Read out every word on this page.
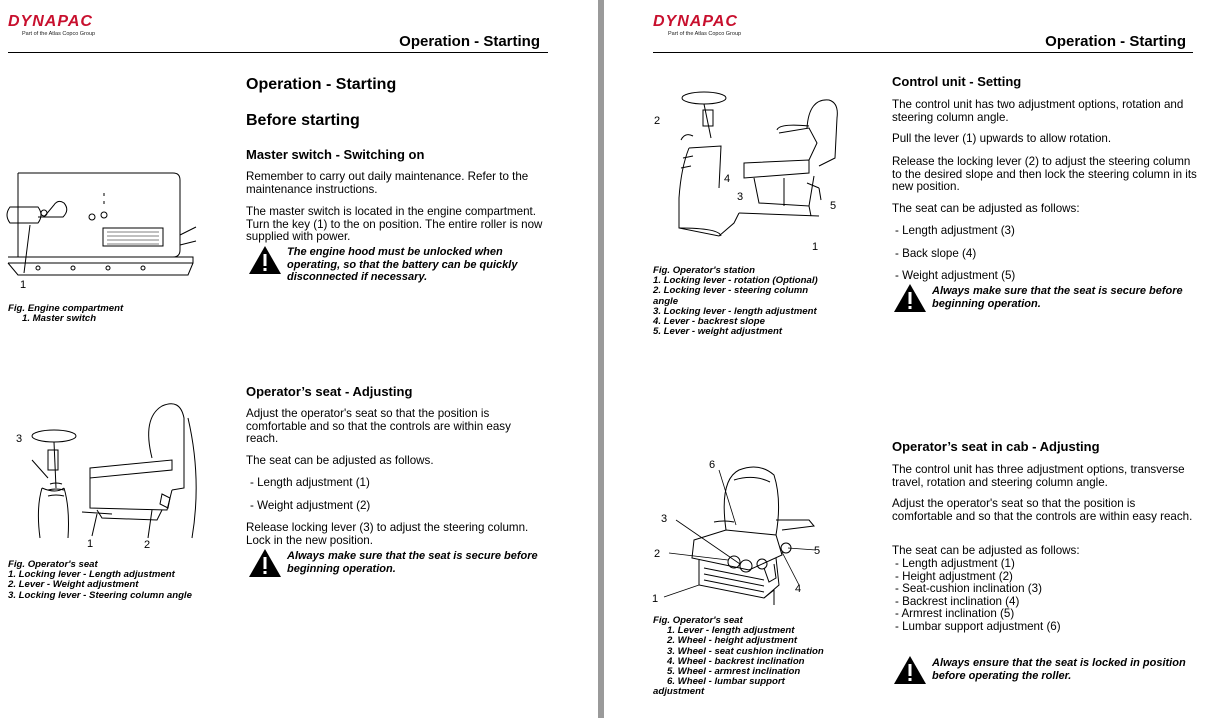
DYNAPAC
Part of the Atlas Copco Group	Operation - Starting
Operation - Starting
Before starting
Master switch - Switching on
Remember to carry out daily maintenance. Refer to the maintenance instructions.
The master switch is located in the engine compartment. Turn the key (1) to the on position. The entire roller is now supplied with power.
The engine hood must be unlocked when operating, so that the battery can be quickly disconnected if necessary.
1
Fig. Engine compartment
1. Master switch
Operator’s seat - Adjusting
Adjust the operator's seat so that the position is comfortable and so that the controls are within easy reach.
The seat can be adjusted as follows.
- Length adjustment (1)
- Weight adjustment (2)
Release locking lever (3) to adjust the steering column. Lock in the new position.
Always make sure that the seat is secure before beginning operation.
3
1	2
Fig. Operator's seat
1. Locking lever - Length adjustment
2. Lever - Weight adjustment
3. Locking lever - Steering column angle
DYNAPAC
Part of the Atlas Copco Group	Operation - Starting
Control unit - Setting
The control unit has two adjustment options, rotation and steering column angle.
Pull the lever (1) upwards to allow rotation.
Release the locking lever (2) to adjust the steering column to the desired slope and then lock the steering column in its new position.
The seat can be adjusted as follows:
- Length adjustment (3)
- Back slope (4)
- Weight adjustment (5)
Always make sure that the seat is secure before beginning operation.
2
4
3
5
1
Fig. Operator's station
1. Locking lever - rotation (Optional)
2. Locking lever - steering column angle
3. Locking lever - length adjustment
4. Lever - backrest slope
5. Lever - weight adjustment
Operator’s seat in cab - Adjusting
The control unit has three adjustment options, transverse travel, rotation and steering column angle.
Adjust the operator's seat so that the position is comfortable and so that the controls are within easy reach.
The seat can be adjusted as follows:
- Length adjustment (1)
- Height adjustment (2)
- Seat-cushion inclination (3)
- Backrest inclination (4)
- Armrest inclination (5)
- Lumbar support adjustment (6)
Always ensure that the seat is locked in position before operating the roller.
6
3
2	5
4
1
Fig. Operator's seat
1. Lever - length adjustment
2. Wheel - height adjustment
3. Wheel - seat cushion inclination
4. Wheel - backrest inclination
5. Wheel - armrest inclination
6. Wheel - lumbar support adjustment
